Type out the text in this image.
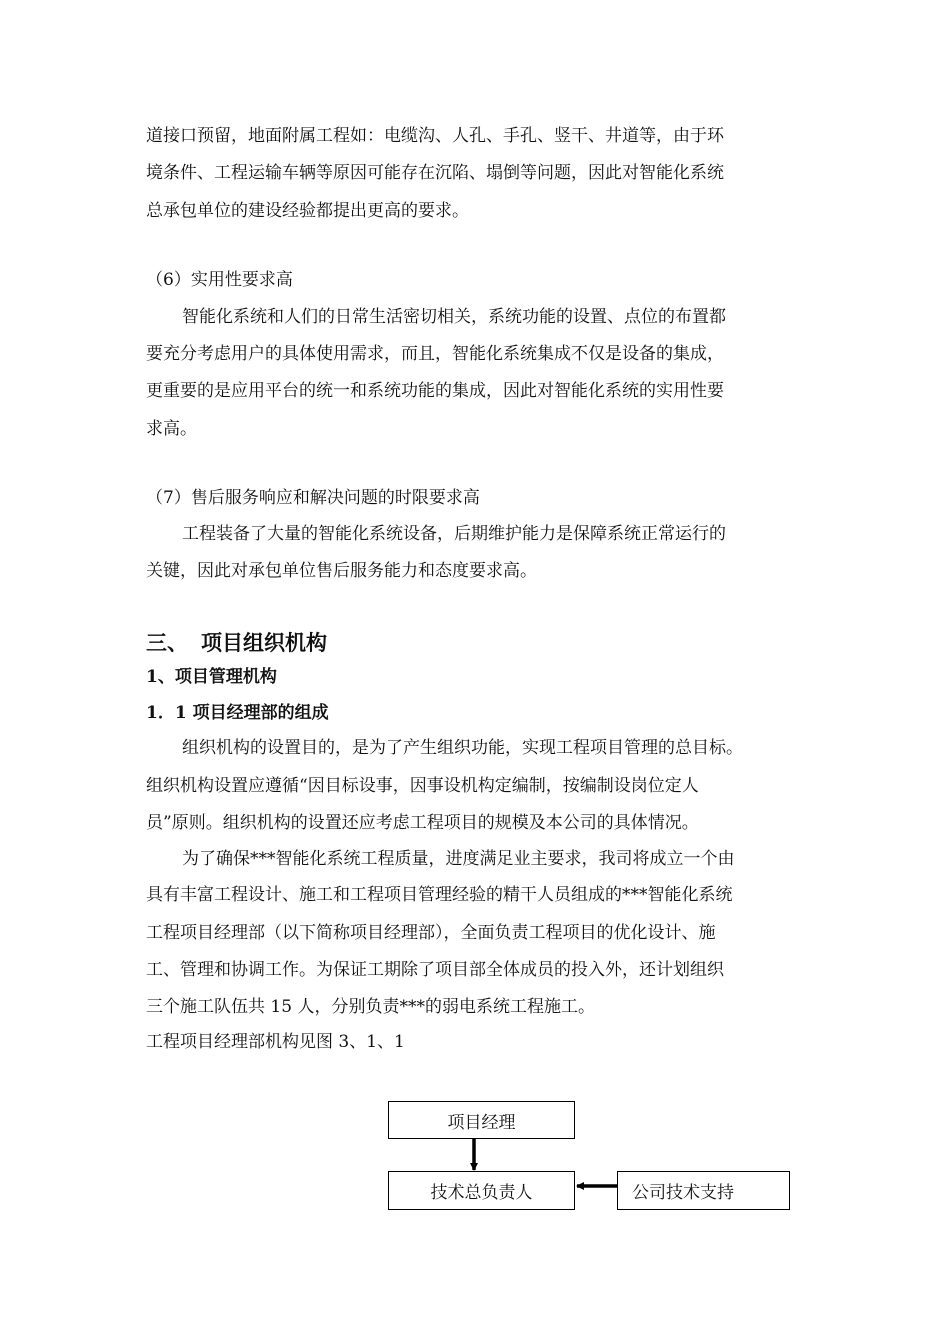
道接口预留，地面附属工程如：电缆沟、人孔、手孔、竖干、井道等，由于环
境条件、工程运输车辆等原因可能存在沉陷、塌倒等问题，因此对智能化系统
总承包单位的建设经验都提出更高的要求。
（6）实用性要求高
智能化系统和人们的日常生活密切相关，系统功能的设置、点位的布置都
要充分考虑用户的具体使用需求，而且，智能化系统集成不仅是设备的集成，
更重要的是应用平台的统一和系统功能的集成，因此对智能化系统的实用性要
求高。
（7）售后服务响应和解决问题的时限要求高
工程装备了大量的智能化系统设备，后期维护能力是保障系统正常运行的
关键，因此对承包单位售后服务能力和态度要求高。
三、 项目组织机构
1、项目管理机构
1．1 项目经理部的组成
组织机构的设置目的，是为了产生组织功能，实现工程项目管理的总目标。
组织机构设置应遵循“因目标设事，因事设机构定编制，按编制设岗位定人
员”原则。组织机构的设置还应考虑工程项目的规模及本公司的具体情况。
为了确保***智能化系统工程质量，进度满足业主要求，我司将成立一个由
具有丰富工程设计、施工和工程项目管理经验的精干人员组成的***智能化系统
工程项目经理部（以下简称项目经理部），全面负责工程项目的优化设计、施
工、管理和协调工作。为保证工期除了项目部全体成员的投入外，还计划组织
三个施工队伍共 15 人，分别负责***的弱电系统工程施工。
工程项目经理部机构见图 3、1、1
项目经理
技术总负责人	公司技术支持
